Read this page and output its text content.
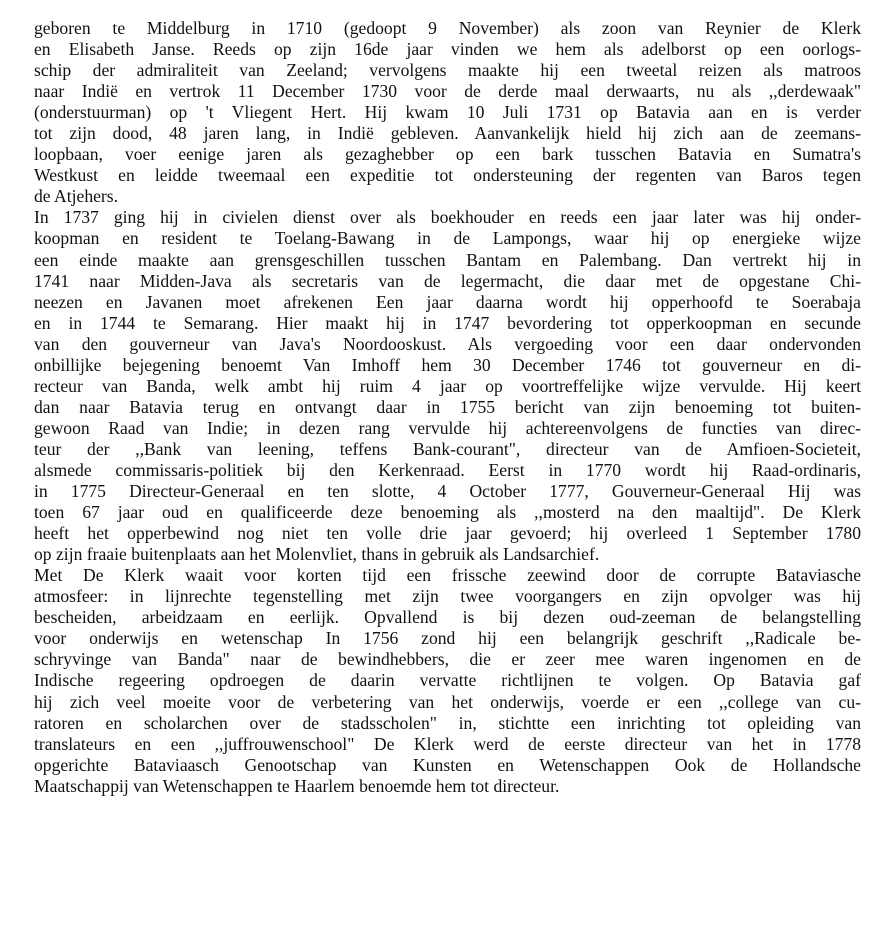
geboren te Middelburg in 1710 (gedoopt 9 November) als zoon van Reynier de Klerk
en Elisabeth Janse. Reeds op zijn 16de jaar vinden we hem als adelborst op een oorlogs-
schip der admiraliteit van Zeeland; vervolgens maakte hij een tweetal reizen als matroos
naar Indië en vertrok 11 December 1730 voor de derde maal derwaarts, nu als ,,derdewaak"
(onderstuurman) op 't Vliegent Hert. Hij kwam 10 Juli 1731 op Batavia aan en is verder
tot zijn dood, 48 jaren lang, in Indië gebleven. Aanvankelijk hield hij zich aan de zeemans-
loopbaan, voer eenige jaren als gezaghebber op een bark tusschen Batavia en Sumatra's
Westkust en leidde tweemaal een expeditie tot ondersteuning der regenten van Baros tegen
de Atjehers.
In 1737 ging hij in civielen dienst over als boekhouder en reeds een jaar later was hij onder-
koopman en resident te Toelang-Bawang in de Lampongs, waar hij op energieke wijze
een einde maakte aan grensgeschillen tusschen Bantam en Palembang. Dan vertrekt hij in
1741 naar Midden-Java als secretaris van de legermacht, die daar met de opgestane Chi-
neezen en Javanen moet afrekenen Een jaar daarna wordt hij opperhoofd te Soerabaja
en in 1744 te Semarang. Hier maakt hij in 1747 bevordering tot opperkoopman en secunde
van den gouverneur van Java's Noordooskust. Als vergoeding voor een daar ondervonden
onbillijke bejegening benoemt Van Imhoff hem 30 December 1746 tot gouverneur en di-
recteur van Banda, welk ambt hij ruim 4 jaar op voortreffelijke wijze vervulde. Hij keert
dan naar Batavia terug en ontvangt daar in 1755 bericht van zijn benoeming tot buiten-
gewoon Raad van Indie; in dezen rang vervulde hij achtereenvolgens de functies van direc-
teur der ,,Bank van leening, teffens Bank-courant", directeur van de Amfioen-Societeit,
alsmede commissaris-politiek bij den Kerkenraad. Eerst in 1770 wordt hij Raad-ordinaris,
in 1775 Directeur-Generaal en ten slotte, 4 October 1777, Gouverneur-Generaal Hij was
toen 67 jaar oud en qualificeerde deze benoeming als ,,mosterd na den maaltijd". De Klerk
heeft het opperbewind nog niet ten volle drie jaar gevoerd; hij overleed 1 September 1780
op zijn fraaie buitenplaats aan het Molenvliet, thans in gebruik als Landsarchief.
Met De Klerk waait voor korten tijd een frissche zeewind door de corrupte Bataviasche
atmosfeer: in lijnrechte tegenstelling met zijn twee voorgangers en zijn opvolger was hij
bescheiden, arbeidzaam en eerlijk. Opvallend is bij dezen oud-zeeman de belangstelling
voor onderwijs en wetenschap In 1756 zond hij een belangrijk geschrift ,,Radicale be-
schryvinge van Banda" naar de bewindhebbers, die er zeer mee waren ingenomen en de
Indische regeering opdroegen de daarin vervatte richtlijnen te volgen. Op Batavia gaf
hij zich veel moeite voor de verbetering van het onderwijs, voerde er een ,,college van cu-
ratoren en scholarchen over de stadsscholen" in, stichtte een inrichting tot opleiding van
translateurs en een ,,juffrouwenschool" De Klerk werd de eerste directeur van het in 1778
opgerichte Bataviaasch Genootschap van Kunsten en Wetenschappen Ook de Hollandsche
Maatschappij van Wetenschappen te Haarlem benoemde hem tot directeur.
